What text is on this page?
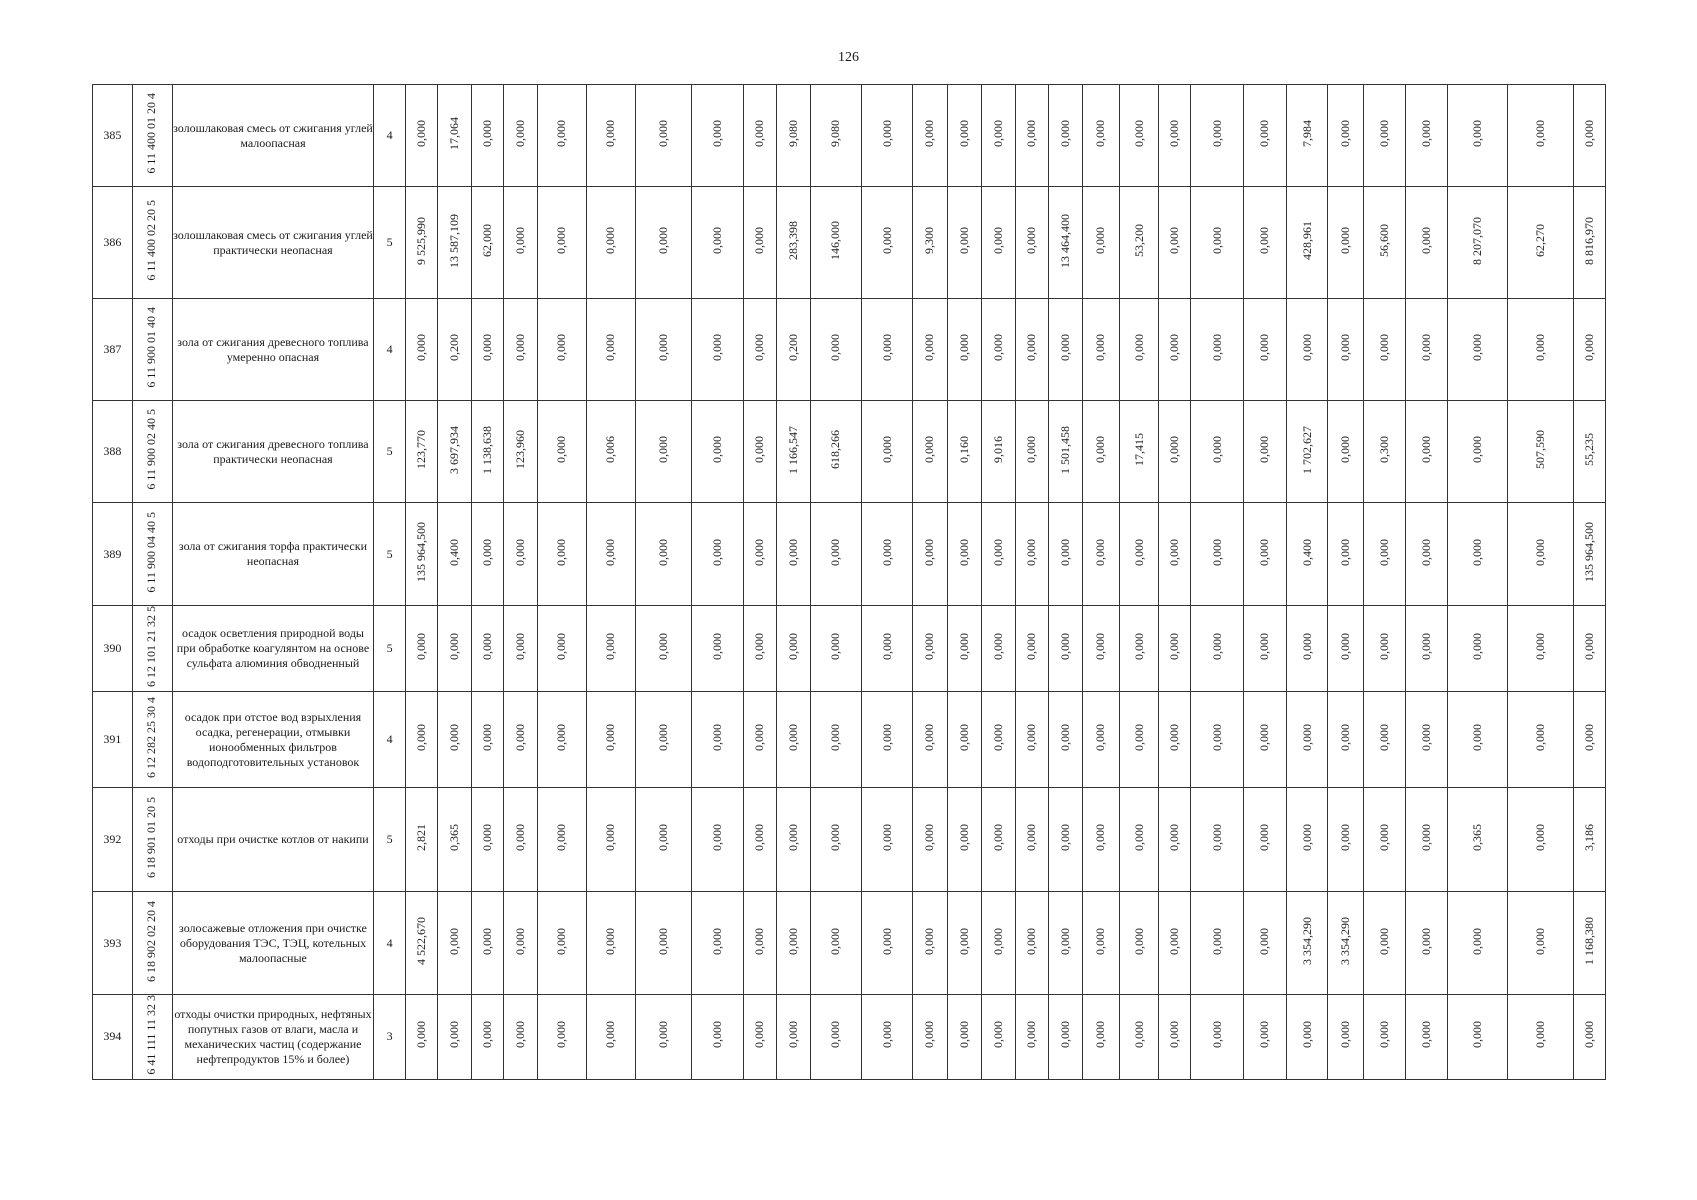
126
385	6 11 400 01 20 4	золошлаковая смесь от сжигания углей малоопасная	4	0,000	17,064	0,000	0,000	0,000	0,000	0,000	0,000	0,000	9,080	9,080	0,000	0,000	0,000	0,000	0,000	0,000	0,000	0,000	0,000	0,000	0,000	7,984	0,000	0,000	0,000	0,000	0,000	0,000
386	6 11 400 02 20 5	золошлаковая смесь от сжигания углей практически неопасная	5	9 525,990	13 587,109	62,000	0,000	0,000	0,000	0,000	0,000	0,000	283,398	146,000	0,000	9,300	0,000	0,000	0,000	13 464,400	0,000	53,200	0,000	0,000	0,000	428,961	0,000	56,600	0,000	8 207,070	62,270	8 816,970
387	6 11 900 01 40 4	зола от сжигания древесного топлива умеренно опасная	4	0,000	0,200	0,000	0,000	0,000	0,000	0,000	0,000	0,000	0,200	0,000	0,000	0,000	0,000	0,000	0,000	0,000	0,000	0,000	0,000	0,000	0,000	0,000	0,000	0,000	0,000	0,000	0,000	0,000
388	6 11 900 02 40 5	зола от сжигания древесного топлива практически неопасная	5	123,770	3 697,934	1 138,638	123,960	0,000	0,006	0,000	0,000	0,000	1 166,547	618,266	0,000	0,000	0,160	9,016	0,000	1 501,458	0,000	17,415	0,000	0,000	0,000	1 702,627	0,000	0,300	0,000	0,000	507,590	55,235
389	6 11 900 04 40 5	зола от сжигания торфа практически неопасная	5	135 964,500	0,400	0,000	0,000	0,000	0,000	0,000	0,000	0,000	0,000	0,000	0,000	0,000	0,000	0,000	0,000	0,000	0,000	0,000	0,000	0,000	0,000	0,400	0,000	0,000	0,000	0,000	0,000	135 964,500
390	6 12 101 21 32 5	осадок осветления природной воды при обработке коагулянтом на основе сульфата алюминия обводненный	5	0,000	0,000	0,000	0,000	0,000	0,000	0,000	0,000	0,000	0,000	0,000	0,000	0,000	0,000	0,000	0,000	0,000	0,000	0,000	0,000	0,000	0,000	0,000	0,000	0,000	0,000	0,000	0,000	0,000
391	6 12 282 25 30 4	осадок при отстое вод взрыхления осадка, регенерации, отмывки ионообменных фильтров водоподготовительных установок	4	0,000	0,000	0,000	0,000	0,000	0,000	0,000	0,000	0,000	0,000	0,000	0,000	0,000	0,000	0,000	0,000	0,000	0,000	0,000	0,000	0,000	0,000	0,000	0,000	0,000	0,000	0,000	0,000	0,000
392	6 18 901 01 20 5	отходы при очистке котлов от накипи	5	2,821	0,365	0,000	0,000	0,000	0,000	0,000	0,000	0,000	0,000	0,000	0,000	0,000	0,000	0,000	0,000	0,000	0,000	0,000	0,000	0,000	0,000	0,000	0,000	0,000	0,000	0,365	0,000	3,186
393	6 18 902 02 20 4	золосажевые отложения при очистке оборудования ТЭС, ТЭЦ, котельных малоопасные	4	4 522,670	0,000	0,000	0,000	0,000	0,000	0,000	0,000	0,000	0,000	0,000	0,000	0,000	0,000	0,000	0,000	0,000	0,000	0,000	0,000	0,000	0,000	3 354,290	3 354,290	0,000	0,000	0,000	0,000	1 168,380
394	6 41 111 11 32 3	отходы очистки природных, нефтяных попутных газов от влаги, масла и механических частиц (содержание нефтепродуктов 15% и более)	3	0,000	0,000	0,000	0,000	0,000	0,000	0,000	0,000	0,000	0,000	0,000	0,000	0,000	0,000	0,000	0,000	0,000	0,000	0,000	0,000	0,000	0,000	0,000	0,000	0,000	0,000	0,000	0,000	0,000
